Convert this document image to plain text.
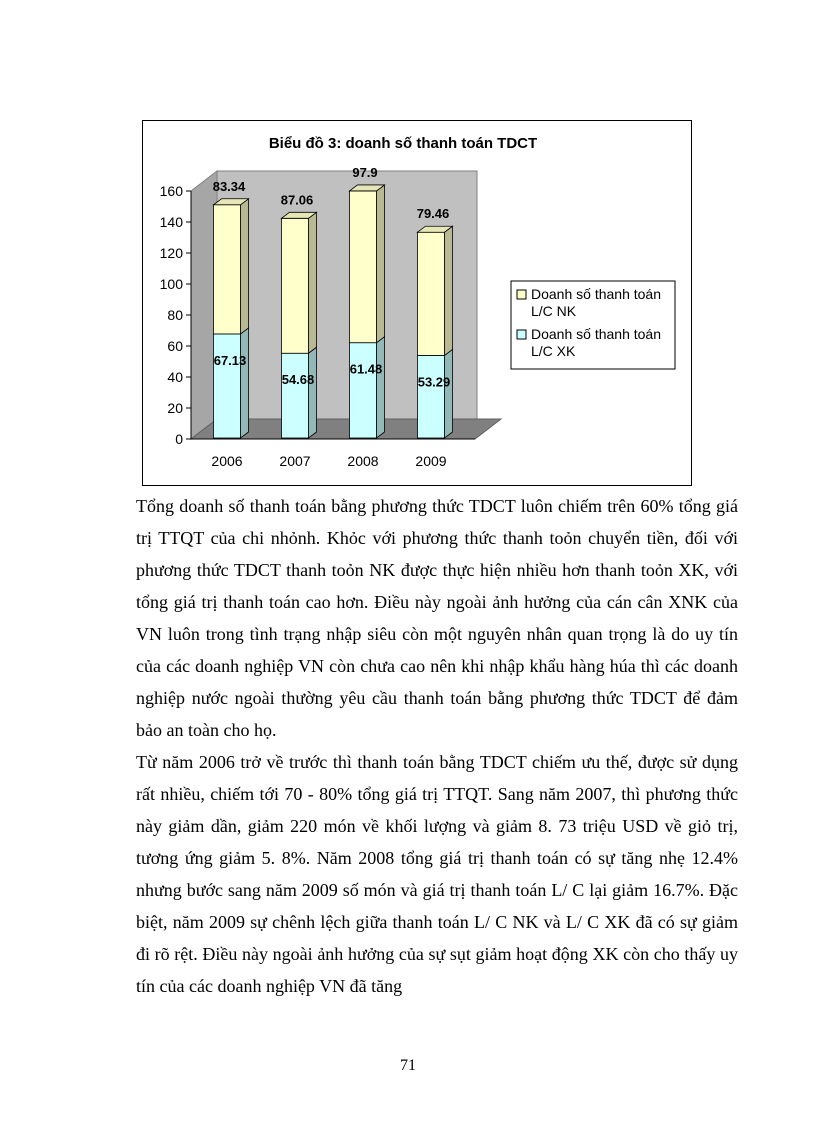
Biểu đồ 3: doanh số thanh toán TDCT
0
20
40
60
80
100
120
140
160
67.13
83.34
2006
54.68
87.06
2007
61.48
97.9
2008
53.29
79.46
2009
Doanh số thanh toán
L/C NK
Doanh số thanh toán
L/C XK

Tổng doanh số thanh toán bằng phương thức TDCT luôn chiếm trên 60% tổng giá trị TTQT của chi nhỏnh. Khỏc với phương thức thanh toỏn chuyển tiền, đối với phương thức TDCT thanh toỏn NK được thực hiện nhiều hơn thanh toỏn XK, với tổng giá trị thanh toán cao hơn. Điều này ngoài ảnh hưởng của cán cân XNK của VN luôn trong tình trạng nhập siêu còn một nguyên nhân quan trọng là do uy tín của các doanh nghiệp VN còn chưa cao nên khi nhập khẩu hàng húa thì các doanh nghiệp nước ngoài thường yêu cầu thanh toán bằng phương thức TDCT để đảm bảo an toàn cho họ.

Từ năm 2006 trở về trước thì thanh toán bằng TDCT chiếm ưu thế, được sử dụng rất nhiều, chiếm tới 70 - 80% tổng giá trị TTQT. Sang năm 2007, thì phương thức này giảm dần, giảm 220 món về khối lượng và giảm 8. 73 triệu USD về giỏ trị, tương ứng giảm 5. 8%. Năm 2008 tổng giá trị thanh toán có sự tăng nhẹ 12.4% nhưng bước sang năm 2009 số món và giá trị thanh toán L/ C lại giảm 16.7%. Đặc biệt, năm 2009 sự chênh lệch giữa thanh toán L/ C NK và L/ C XK đã có sự giảm đi rõ rệt. Điều này ngoài ảnh hưởng của sự sụt giảm hoạt động XK còn cho thấy uy tín của các doanh nghiệp VN đã tăng

71
